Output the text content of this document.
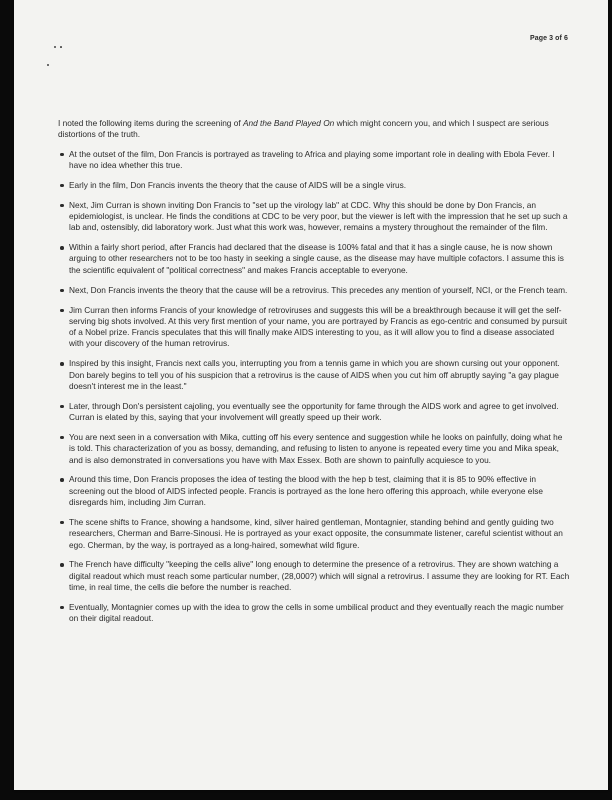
Page 3 of 6

I noted the following items during the screening of And the Band Played On which might concern you, and which I suspect are serious distortions of the truth.

At the outset of the film, Don Francis is portrayed as traveling to Africa and playing some important role in dealing with Ebola Fever. I have no idea whether this true.
Early in the film, Don Francis invents the theory that the cause of AIDS will be a single virus.
Next, Jim Curran is shown inviting Don Francis to "set up the virology lab" at CDC. Why this should be done by Don Francis, an epidemiologist, is unclear. He finds the conditions at CDC to be very poor, but the viewer is left with the impression that he set up such a lab and, ostensibly, did laboratory work. Just what this work was, however, remains a mystery throughout the remainder of the film.
Within a fairly short period, after Francis had declared that the disease is 100% fatal and that it has a single cause, he is now shown arguing to other researchers not to be too hasty in seeking a single cause, as the disease may have multiple cofactors. I assume this is the scientific equivalent of "political correctness" and makes Francis acceptable to everyone.
Next, Don Francis invents the theory that the cause will be a retrovirus. This precedes any mention of yourself, NCI, or the French team.
Jim Curran then informs Francis of your knowledge of retroviruses and suggests this will be a breakthrough because it will get the self-serving big shots involved. At this very first mention of your name, you are portrayed by Francis as ego-centric and consumed by pursuit of a Nobel prize. Francis speculates that this will finally make AIDS interesting to you, as it will allow you to find a disease associated with your discovery of the human retrovirus.
Inspired by this insight, Francis next calls you, interrupting you from a tennis game in which you are shown cursing out your opponent. Don barely begins to tell you of his suspicion that a retrovirus is the cause of AIDS when you cut him off abruptly saying "a gay plague doesn't interest me in the least."
Later, through Don's persistent cajoling, you eventually see the opportunity for fame through the AIDS work and agree to get involved. Curran is elated by this, saying that your involvement will greatly speed up their work.
You are next seen in a conversation with Mika, cutting off his every sentence and suggestion while he looks on painfully, doing what he is told. This characterization of you as bossy, demanding, and refusing to listen to anyone is repeated every time you and Mika speak, and is also demonstrated in conversations you have with Max Essex. Both are shown to painfully acquiesce to you.
Around this time, Don Francis proposes the idea of testing the blood with the hep b test, claiming that it is 85 to 90% effective in screening out the blood of AIDS infected people. Francis is portrayed as the lone hero offering this approach, while everyone else disregards him, including Jim Curran.
The scene shifts to France, showing a handsome, kind, silver haired gentleman, Montagnier, standing behind and gently guiding two researchers, Cherman and Barre-Sinousi. He is portrayed as your exact opposite, the consummate listener, careful scientist without an ego. Cherman, by the way, is portrayed as a long-haired, somewhat wild figure.
The French have difficulty "keeping the cells alive" long enough to determine the presence of a retrovirus. They are shown watching a digital readout which must reach some particular number, (28,000?) which will signal a retrovirus. I assume they are looking for RT. Each time, in real time, the cells die before the number is reached.
Eventually, Montagnier comes up with the idea to grow the cells in some umbilical product and they eventually reach the magic number on their digital readout.
